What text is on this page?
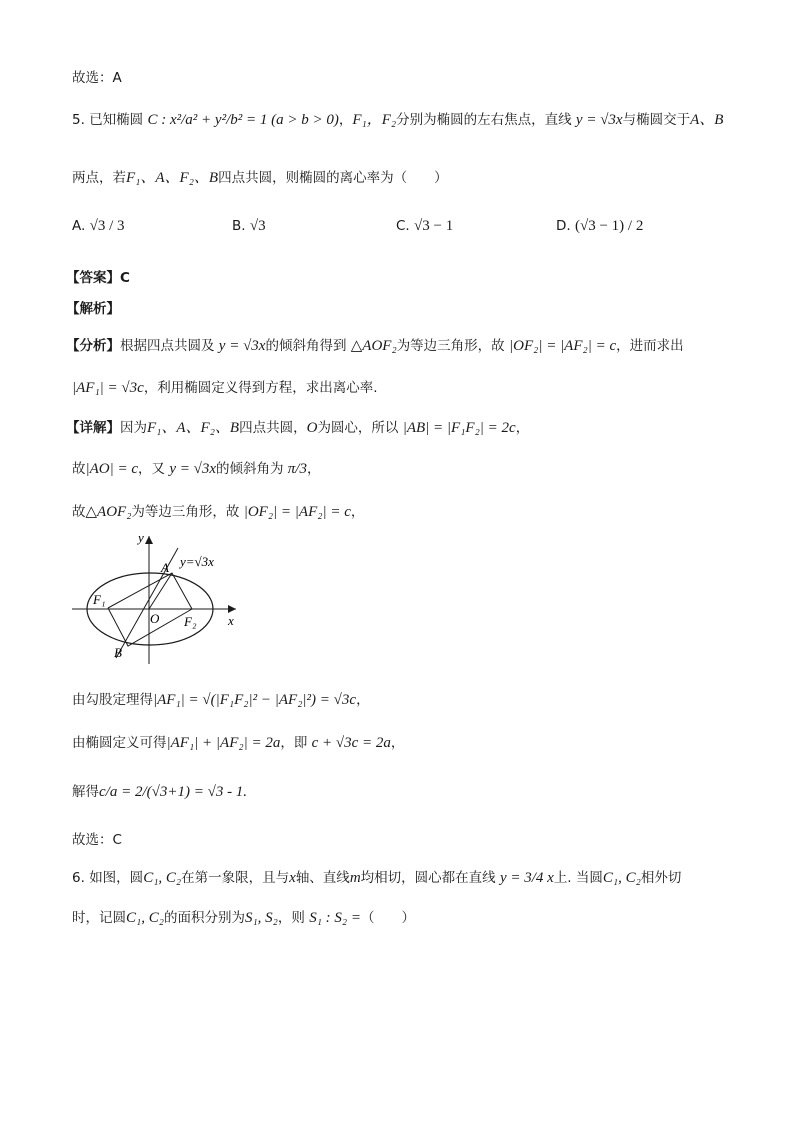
故选：A
5. 已知椭圆 C : x²/a² + y²/b² = 1 (a > b > 0)，F₁，F₂分别为椭圆的左右焦点，直线 y = √3x与椭圆交于A、B
两点，若F₁、A、F₂、B四点共圆，则椭圆的离心率为（　　）
A. √3 / 3	B. √3	C. √3 − 1	D. (√3 − 1) / 2
【答案】C
【解析】
【分析】根据四点共圆及 y = √3x的倾斜角得到 △AOF₂为等边三角形，故 |OF₂| = |AF₂| = c，进而求出
|AF₁| = √3c，利用椭圆定义得到方程，求出离心率.
【详解】因为F₁、A、F₂、B四点共圆，O为圆心，所以 |AB| = |F₁F₂| = 2c，
故|AO| = c，又 y = √3x的倾斜角为 π/3，
故△AOF₂为等边三角形，故 |OF₂| = |AF₂| = c，
y
x
y=√3x
A
B
O
F₁
F₂
由勾股定理得|AF₁| = √(|F₁F₂|² − |AF₂|²) = √3c，
由椭圆定义可得|AF₁| + |AF₂| = 2a，即 c + √3c = 2a，
解得c/a = 2/(√3+1) = √3 - 1.
故选：C
6. 如图，圆C₁, C₂在第一象限，且与x轴、直线m均相切，圆心都在直线 y = 3/4 x上. 当圆C₁, C₂相外切
时，记圆C₁, C₂的面积分别为S₁, S₂，则 S₁ : S₂ =（　　）
